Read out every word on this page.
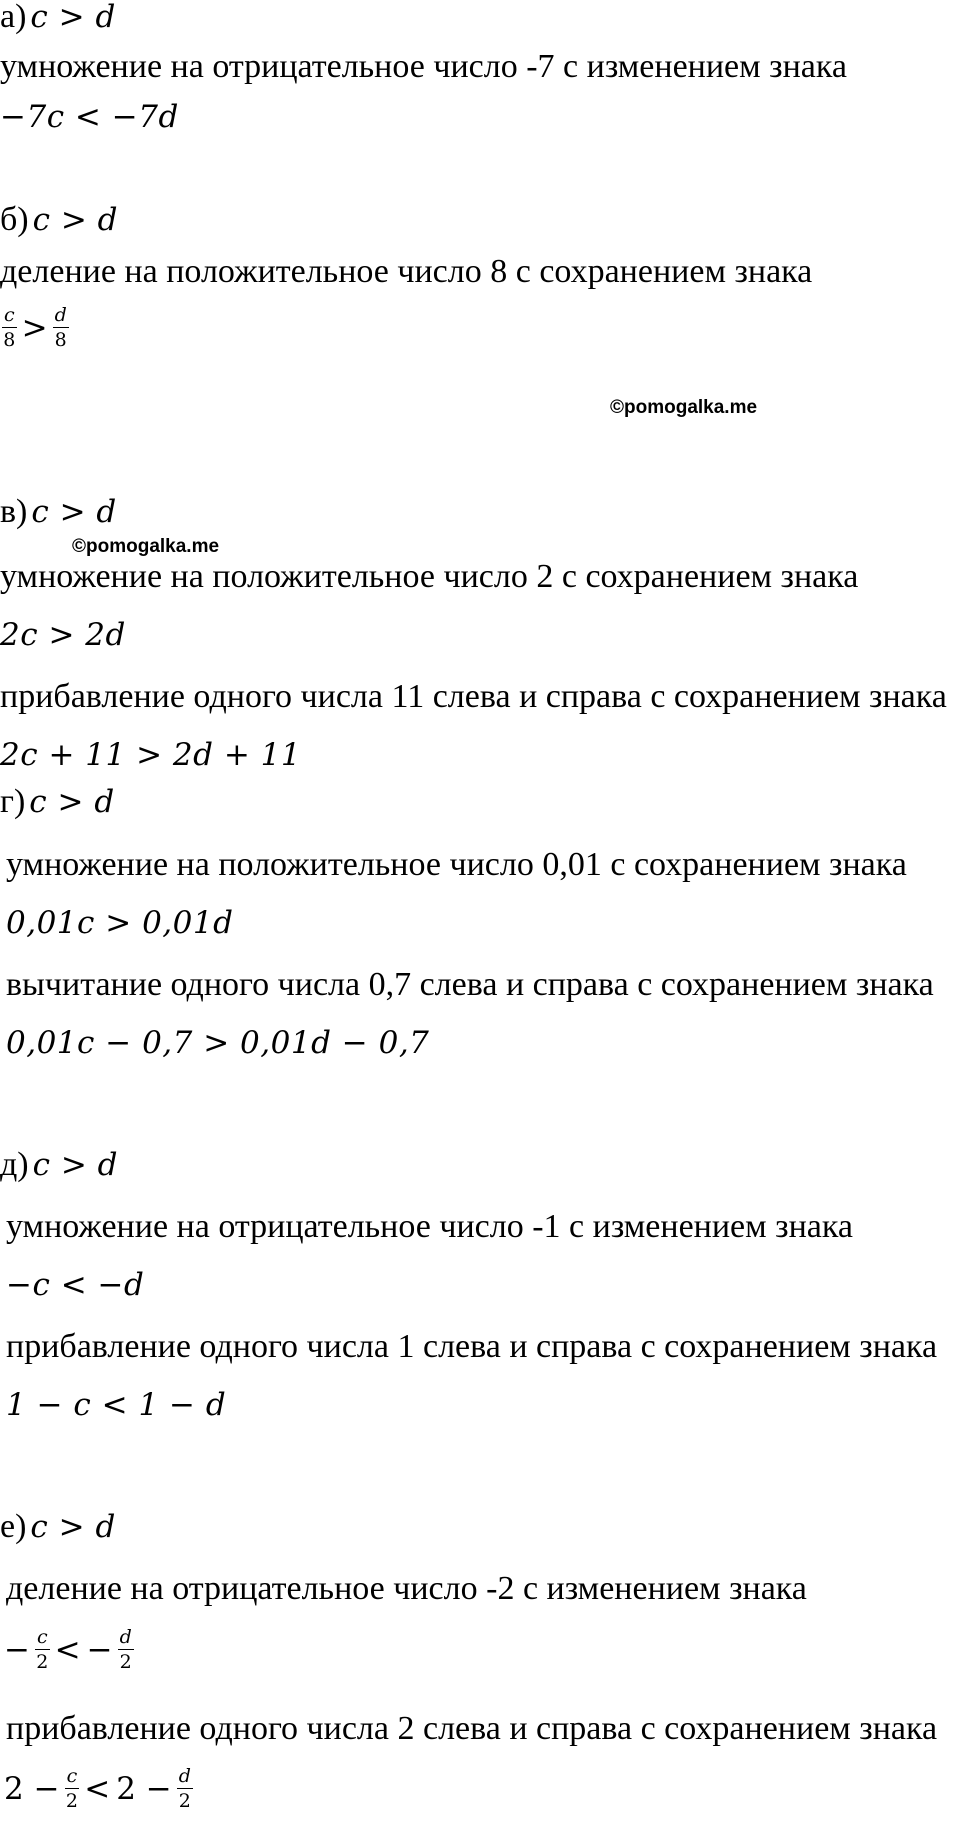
а) c > d
умножение на отрицательное число -7 с изменением знака
−7c < −7d
б) c > d
деление на положительное число 8 с сохранением знака
$\frac{c}{8} > \frac{d}{8}$
©pomogalka.me
в) c > d
©pomogalka.me
умножение на положительное число 2 с сохранением знака
2c > 2d
прибавление одного числа 11 слева и справа с сохранением знака
2c + 11 > 2d + 11
г) c > d
умножение на положительное число 0,01 с сохранением знака
0,01c > 0,01d
вычитание одного числа 0,7 слева и справа с сохранением знака
0,01c − 0,7 > 0,01d − 0,7
д) c > d
умножение на отрицательное число -1 с изменением знака
−c < −d
прибавление одного числа 1 слева и справа с сохранением знака
1 − c < 1 − d
е) c > d
деление на отрицательное число -2 с изменением знака
− $\frac{c}{2}$ < − $\frac{d}{2}$
прибавление одного числа 2 слева и справа с сохранением знака
$2 - \frac{c}{2} < 2 - \frac{d}{2}$
